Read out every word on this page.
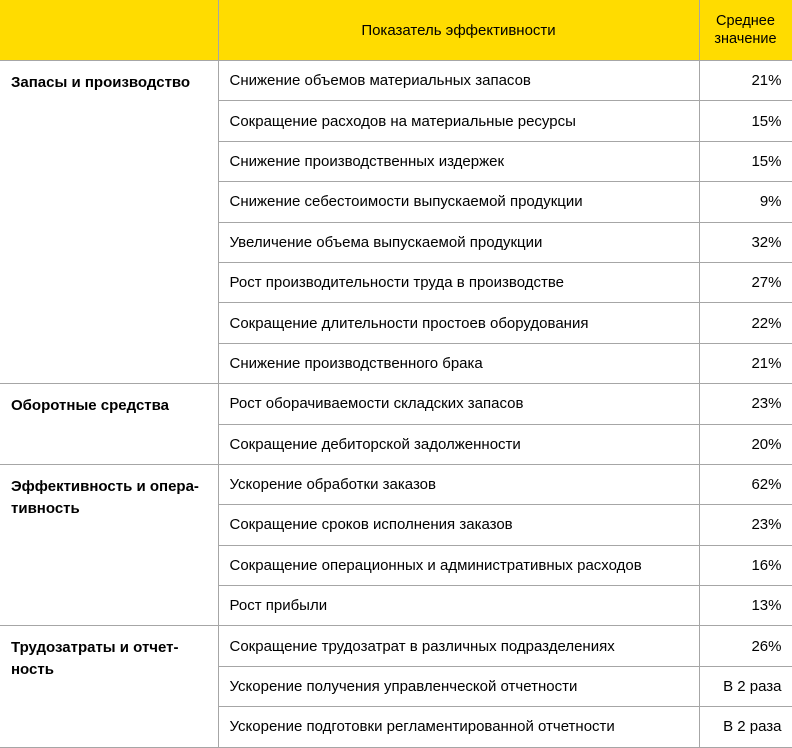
	Показатель эффективности	Среднее значение
Запасы и производство	Снижение объемов материальных запасов	21%
	Сокращение расходов на материальные ресурсы	15%
	Снижение производственных издержек	15%
	Снижение себестоимости выпускаемой продукции	9%
	Увеличение объема выпускаемой продукции	32%
	Рост производительности труда в производстве	27%
	Сокращение длительности простоев оборудования	22%
	Снижение производственного брака	21%
Оборотные средства	Рост оборачиваемости складских запасов	23%
	Сокращение дебиторской задолженности	20%
Эффективность и опера-тивность	Ускорение обработки заказов	62%
	Сокращение сроков исполнения заказов	23%
	Сокращение операционных и административных расходов	16%
	Рост прибыли	13%
Трудозатраты и отчет-ность	Сокращение трудозатрат в различных подразделениях	26%
	Ускорение получения управленческой отчетности	В 2 раза
	Ускорение подготовки регламентированной отчетности	В 2 раза
